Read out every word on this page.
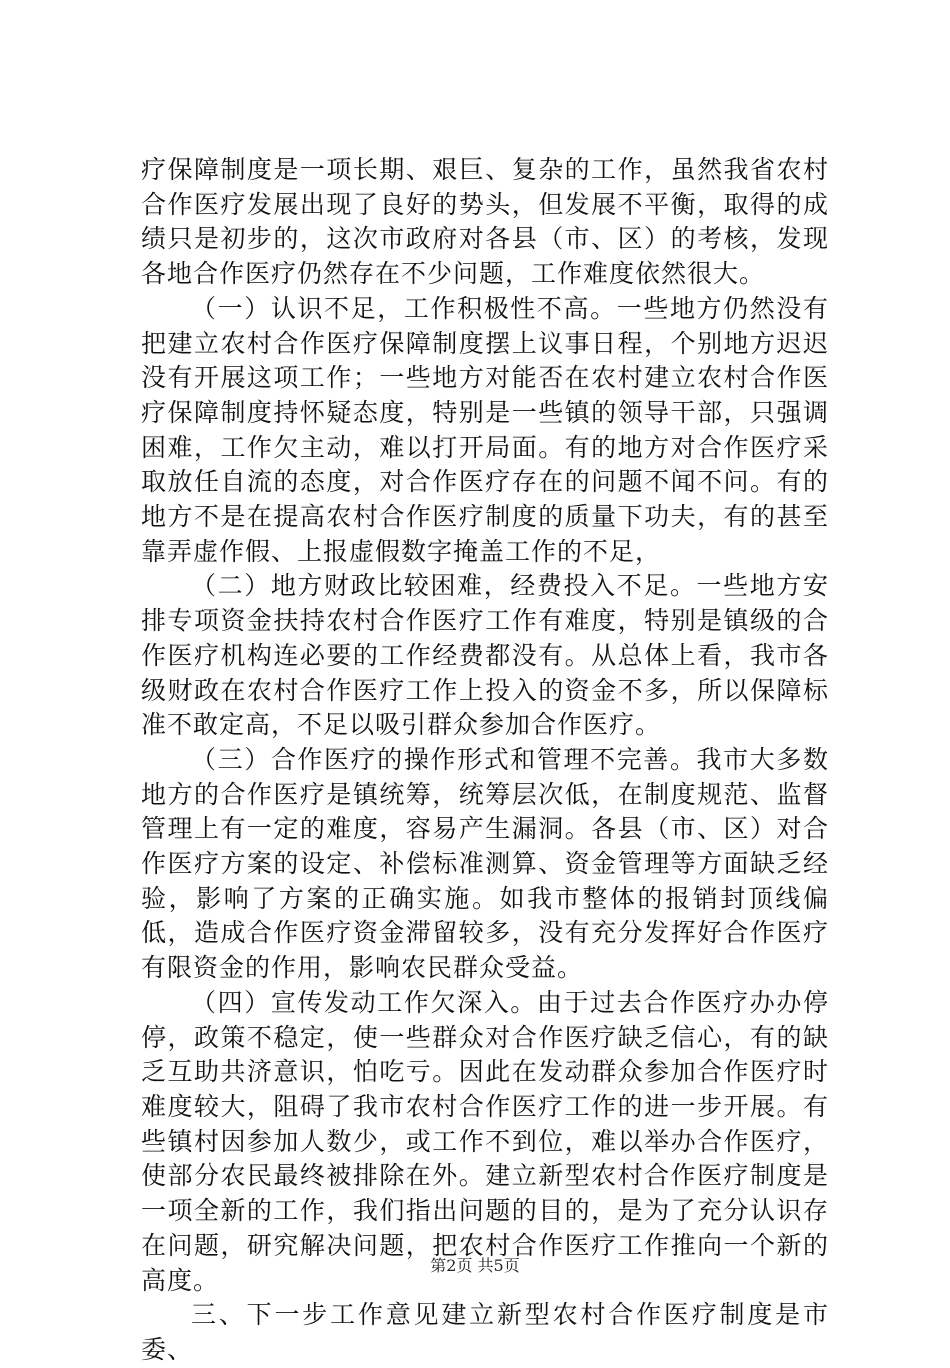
疗保障制度是一项长期、艰巨、复杂的工作，虽然我省农村合作医疗发展出现了良好的势头，但发展不平衡，取得的成绩只是初步的，这次市政府对各县（市、区）的考核，发现各地合作医疗仍然存在不少问题，工作难度依然很大。

（一）认识不足，工作积极性不高。一些地方仍然没有把建立农村合作医疗保障制度摆上议事日程，个别地方迟迟没有开展这项工作；一些地方对能否在农村建立农村合作医疗保障制度持怀疑态度，特别是一些镇的领导干部，只强调困难，工作欠主动，难以打开局面。有的地方对合作医疗采取放任自流的态度，对合作医疗存在的问题不闻不问。有的地方不是在提高农村合作医疗制度的质量下功夫，有的甚至靠弄虚作假、上报虚假数字掩盖工作的不足，

（二）地方财政比较困难，经费投入不足。一些地方安排专项资金扶持农村合作医疗工作有难度，特别是镇级的合作医疗机构连必要的工作经费都没有。从总体上看，我市各级财政在农村合作医疗工作上投入的资金不多，所以保障标准不敢定高，不足以吸引群众参加合作医疗。

（三）合作医疗的操作形式和管理不完善。我市大多数地方的合作医疗是镇统筹，统筹层次低，在制度规范、监督管理上有一定的难度，容易产生漏洞。各县（市、区）对合作医疗方案的设定、补偿标准测算、资金管理等方面缺乏经验，影响了方案的正确实施。如我市整体的报销封顶线偏低，造成合作医疗资金滞留较多，没有充分发挥好合作医疗有限资金的作用，影响农民群众受益。

（四）宣传发动工作欠深入。由于过去合作医疗办办停停，政策不稳定，使一些群众对合作医疗缺乏信心，有的缺乏互助共济意识，怕吃亏。因此在发动群众参加合作医疗时难度较大，阻碍了我市农村合作医疗工作的进一步开展。有些镇村因参加人数少，或工作不到位，难以举办合作医疗，使部分农民最终被排除在外。建立新型农村合作医疗制度是一项全新的工作，我们指出问题的目的，是为了充分认识存在问题，研究解决问题，把农村合作医疗工作推向一个新的高度。

三、下一步工作意见建立新型农村合作医疗制度是市委、

第2页 共5页
